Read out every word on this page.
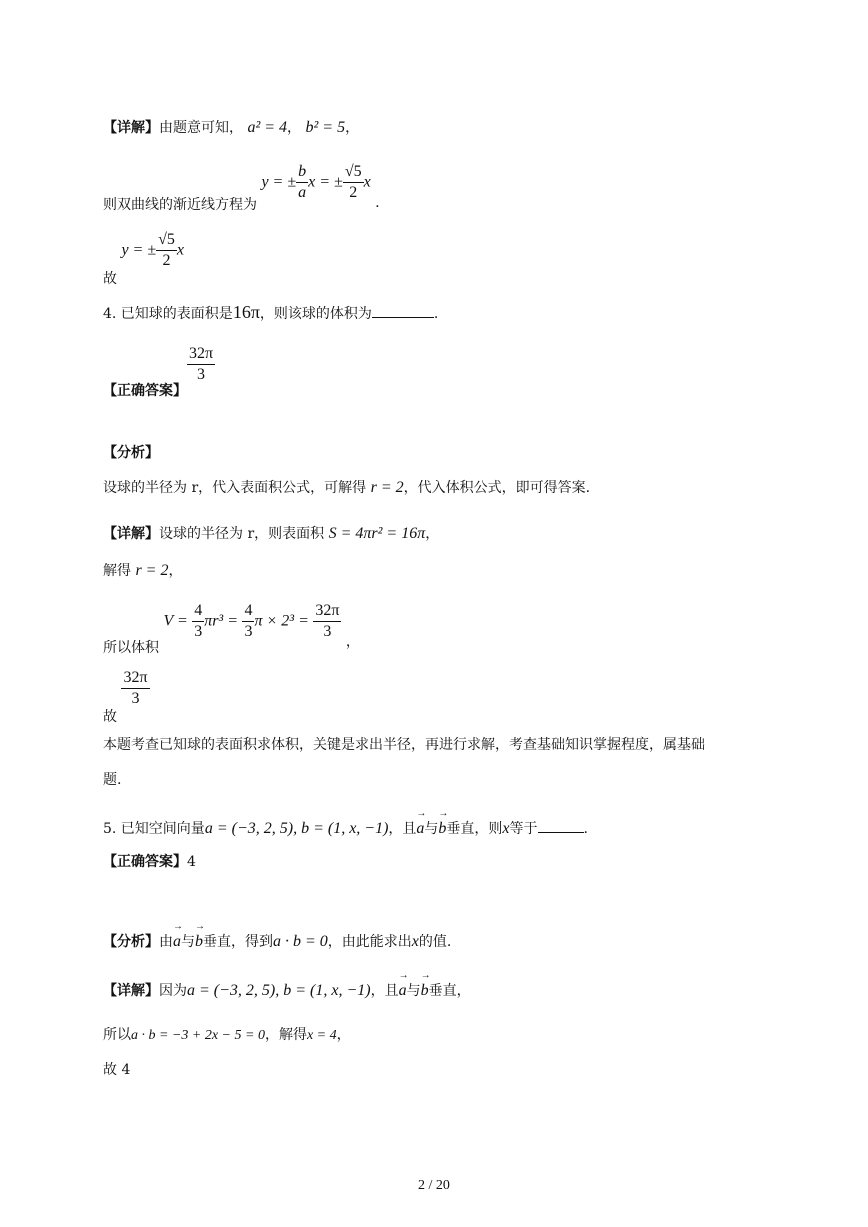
【详解】由题意可知， a² = 4， b² = 5，
则双曲线的渐近线方程为 y = ± $\frac{b}{a}$ x = ± $\frac{√5}{2}$ x .
故 y = ± $\frac{√5}{2}$ x
4. 已知球的表面积是16π，则该球的体积为	.
【正确答案】
$\frac{32\pi}{3}$
【分析】
设球的半径为 r，代入表面积公式，可解得 r = 2，代入体积公式，即可得答案.
【详解】设球的半径为 r，则表面积 S = 4πr² = 16π，
解得 r = 2，
所以体积 $V = \frac{4}{3} \pi r^3 = \frac{4}{3}$ $\pi \times 2^3 = \frac{32\pi}{3}$
，
故
$\frac{32\pi}{3}$
本题考查已知球的表面积求体积，关键是求出半径，再进行求解，考查基础知识掌握程度，属基础
题.
5. 已知空间向量a = (−3, 2, 5), b = (1, x, −1)，且→ a与→ b垂直，则x等于	.
【正确答案】4
【分析】由→ a与→ b垂直，得到a · b = 0，由此能求出x的值.
【详解】因为a = (−3, 2, 5), b = (1, x, −1)，且→ a与→ b垂直，
所以a · b = −3 + 2x − 5 = 0，解得x = 4，
故 4
2 / 20
